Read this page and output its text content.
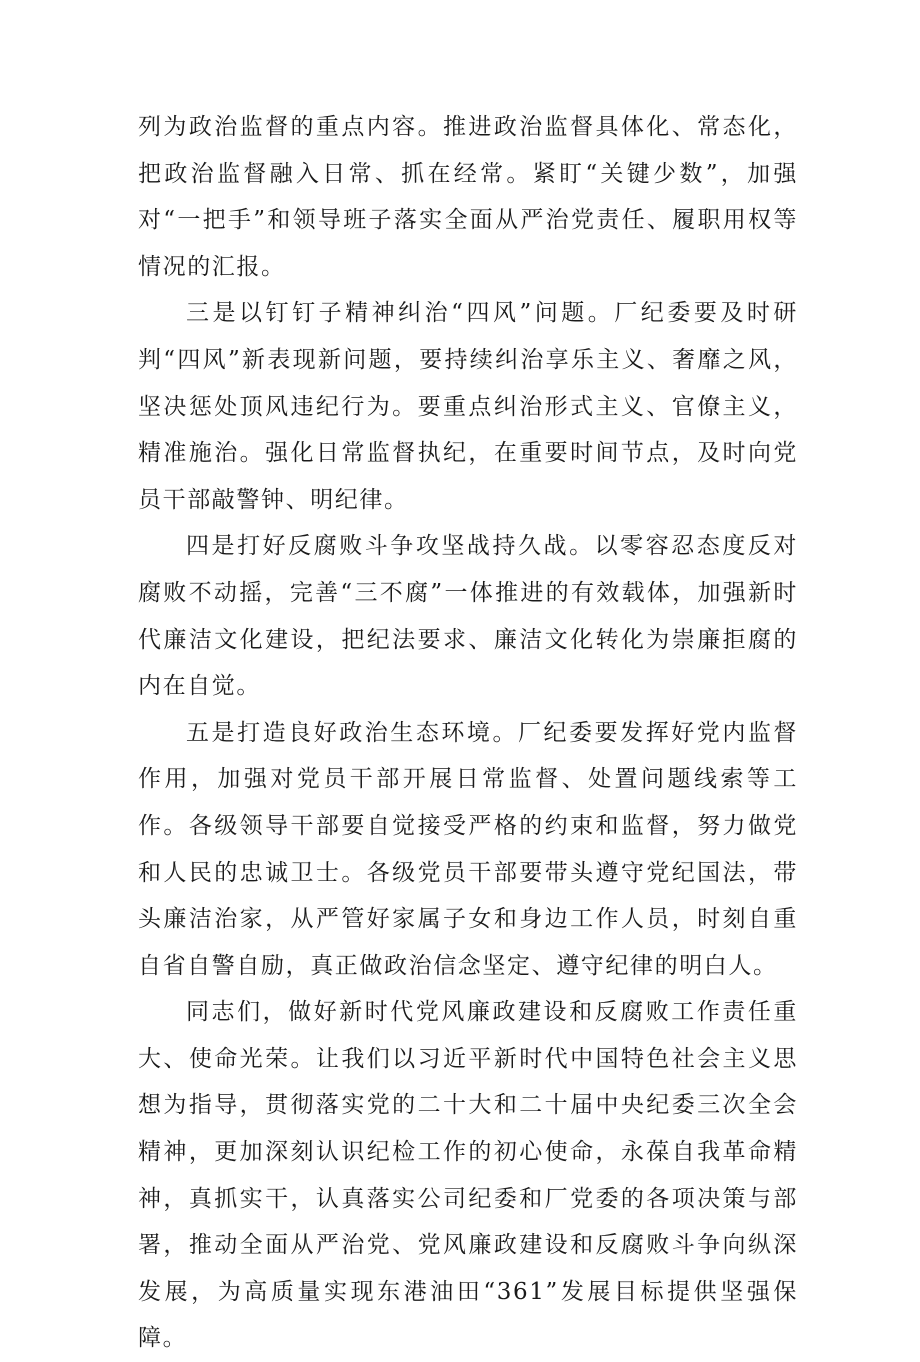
列为政治监督的重点内容。推进政治监督具体化、常态化，把政治监督融入日常、抓在经常。紧盯“关键少数”，加强对“一把手”和领导班子落实全面从严治党责任、履职用权等情况的汇报。

三是以钉钉子精神纠治“四风”问题。厂纪委要及时研判“四风”新表现新问题，要持续纠治享乐主义、奢靡之风，坚决惩处顶风违纪行为。要重点纠治形式主义、官僚主义，精准施治。强化日常监督执纪，在重要时间节点，及时向党员干部敲警钟、明纪律。

四是打好反腐败斗争攻坚战持久战。以零容忍态度反对腐败不动摇，完善“三不腐”一体推进的有效载体，加强新时代廉洁文化建设，把纪法要求、廉洁文化转化为崇廉拒腐的内在自觉。

五是打造良好政治生态环境。厂纪委要发挥好党内监督作用，加强对党员干部开展日常监督、处置问题线索等工作。各级领导干部要自觉接受严格的约束和监督，努力做党和人民的忠诚卫士。各级党员干部要带头遵守党纪国法，带头廉洁治家，从严管好家属子女和身边工作人员，时刻自重自省自警自励，真正做政治信念坚定、遵守纪律的明白人。

同志们，做好新时代党风廉政建设和反腐败工作责任重大、使命光荣。让我们以习近平新时代中国特色社会主义思想为指导，贯彻落实党的二十大和二十届中央纪委三次全会精神，更加深刻认识纪检工作的初心使命，永葆自我革命精神，真抓实干，认真落实公司纪委和厂党委的各项决策与部署，推动全面从严治党、党风廉政建设和反腐败斗争向纵深发展，为高质量实现东港油田“361”发展目标提供坚强保障。
